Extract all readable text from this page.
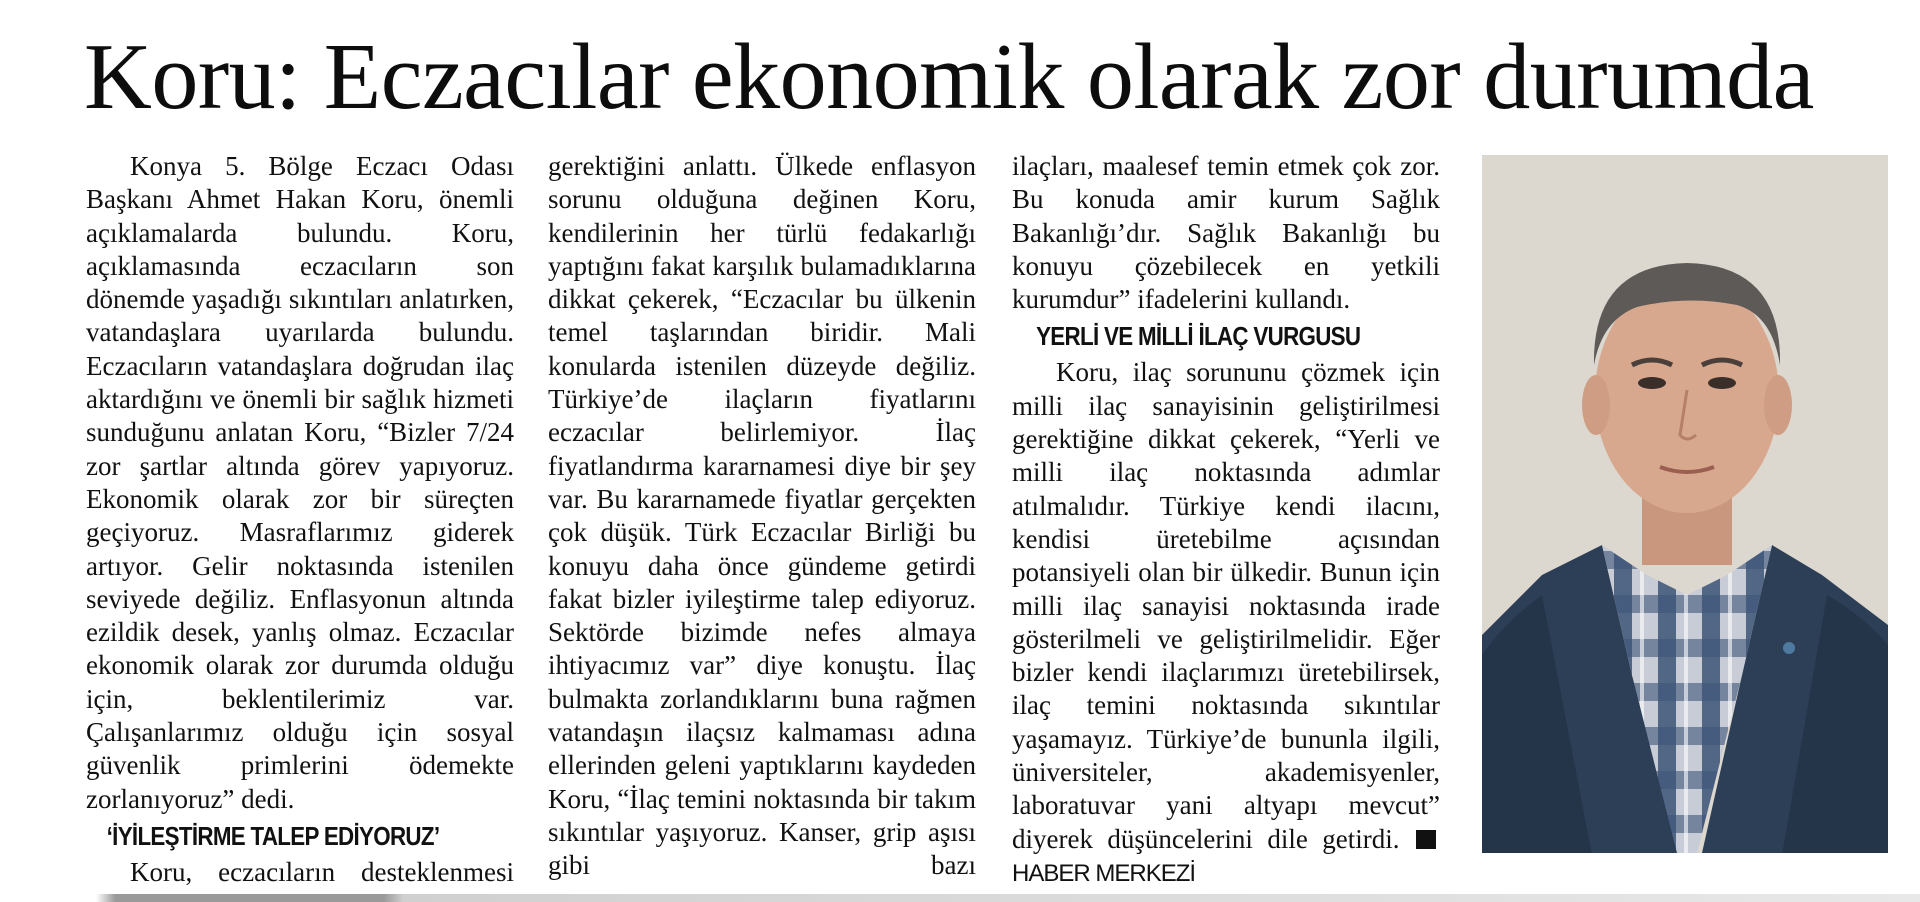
Koru: Eczacılar ekonomik olarak zor durumda

Konya 5. Bölge Eczacı Odası Başkanı Ahmet Hakan Koru, önemli açıklamalarda bulundu. Koru, açıklamasında eczacıların son dönemde yaşadığı sıkıntıları anlatırken, vatandaşlara uyarılarda bulundu. Eczacıların vatandaşlara doğrudan ilaç aktardığını ve önemli bir sağlık hizmeti sunduğunu anlatan Koru, “Bizler 7/24 zor şartlar altında görev yapıyoruz. Ekonomik olarak zor bir süreçten geçiyoruz. Masraflarımız giderek artıyor. Gelir noktasında istenilen seviyede değiliz. Enflasyonun altında ezildik desek, yanlış olmaz. Eczacılar ekonomik olarak zor durumda olduğu için, beklentilerimiz var. Çalışanlarımız olduğu için sosyal güvenlik primlerini ödemekte zorlanıyoruz” dedi.

‘İYİLEŞTİRME TALEP EDİYORUZ’

Koru, eczacıların desteklenmesi

gerektiğini anlattı. Ülkede enflasyon sorunu olduğuna değinen Koru, kendilerinin her türlü fedakarlığı yaptığını fakat karşılık bulamadıklarına dikkat çekerek, “Eczacılar bu ülkenin temel taşlarından biridir. Mali konularda istenilen düzeyde değiliz. Türkiye’de ilaçların fiyatlarını eczacılar belirlemiyor. İlaç fiyatlandırma kararnamesi diye bir şey var. Bu kararnamede fiyatlar gerçekten çok düşük. Türk Eczacılar Birliği bu konuyu daha önce gündeme getirdi fakat bizler iyileştirme talep ediyoruz. Sektörde bizimde nefes almaya ihtiyacımız var” diye konuştu. İlaç bulmakta zorlandıklarını buna rağmen vatandaşın ilaçsız kalmaması adına ellerinden geleni yaptıklarını kaydeden Koru, “İlaç temini noktasında bir takım sıkıntılar yaşıyoruz. Kanser, grip aşısı gibi bazı

ilaçları, maalesef temin etmek çok zor. Bu konuda amir kurum Sağlık Bakanlığı’dır. Sağlık Bakanlığı bu konuyu çözebilecek en yetkili kurumdur” ifadelerini kullandı.

YERLİ VE MİLLİ İLAÇ VURGUSU

Koru, ilaç sorununu çözmek için milli ilaç sanayisinin geliştirilmesi gerektiğine dikkat çekerek, “Yerli ve milli ilaç noktasında adımlar atılmalıdır. Türkiye kendi ilacını, kendisi üretebilme açısından potansiyeli olan bir ülkedir. Bunun için milli ilaç sanayisi noktasında irade gösterilmeli ve geliştirilmelidir. Eğer bizler kendi ilaçlarımızı üretebilirsek, ilaç temini noktasında sıkıntılar yaşamayız. Türkiye’de bununla ilgili, üniversiteler, akademisyenler, laboratuvar yani altyapı mevcut” diyerek düşüncelerini dile getirdi. HABER MERKEZİ
